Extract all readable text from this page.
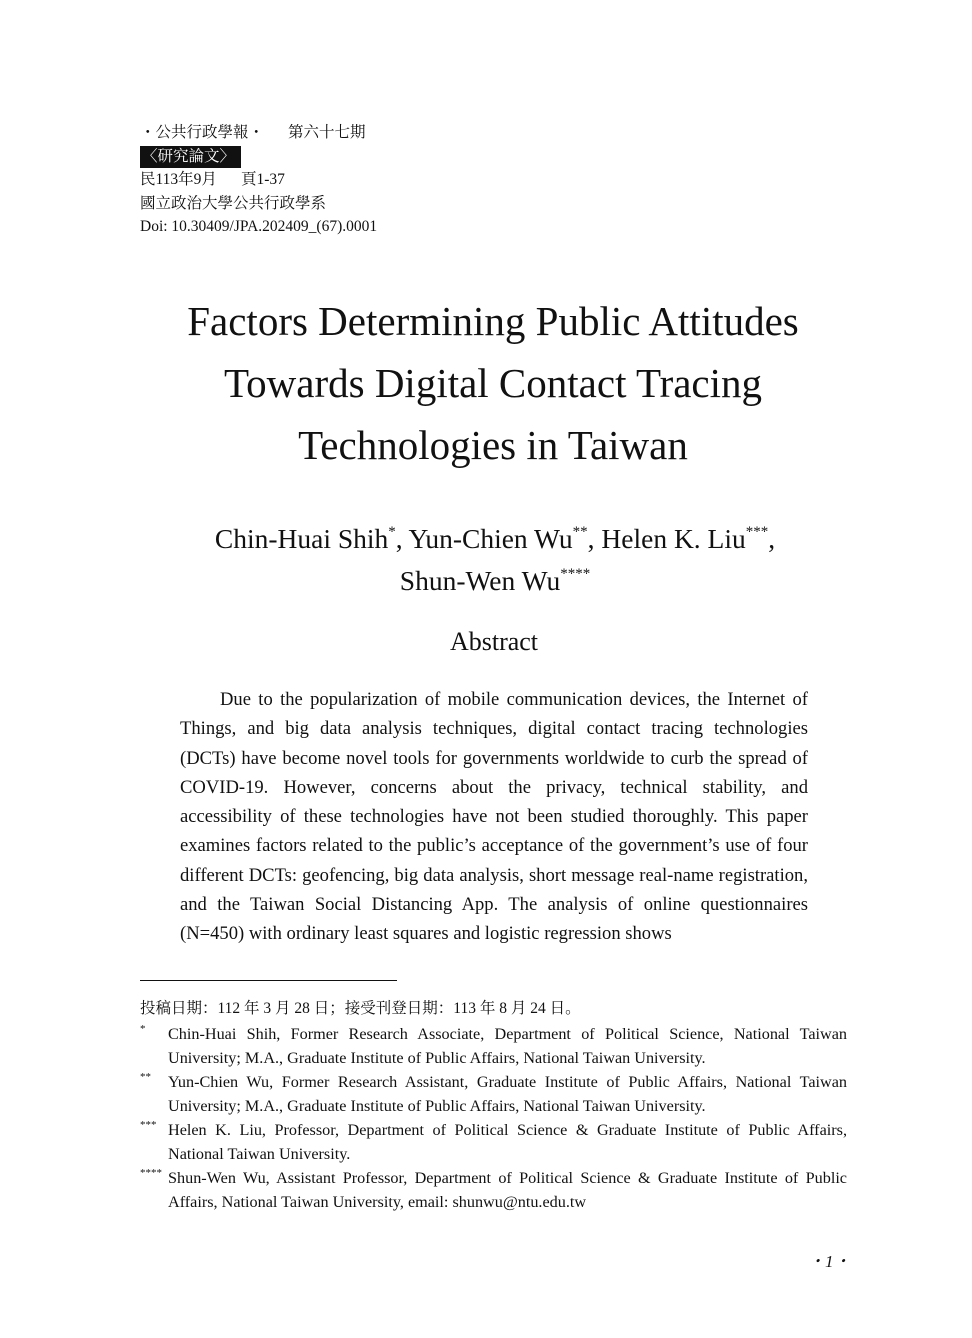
・公共行政學報・ 第六十七期
〈研究論文〉
民113年9月 頁1-37
國立政治大學公共行政學系
Doi: 10.30409/JPA.202409_(67).0001
Factors Determining Public Attitudes
Towards Digital Contact Tracing
Technologies in Taiwan
Chin-Huai Shih*, Yun-Chien Wu**, Helen K. Liu***,
Shun-Wen Wu****
Abstract

Due to the popularization of mobile communication devices, the Internet of Things, and big data analysis techniques, digital contact tracing technologies (DCTs) have become novel tools for governments worldwide to curb the spread of COVID-19. However, concerns about the privacy, technical stability, and accessibility of these technologies have not been studied thoroughly. This paper examines factors related to the public’s acceptance of the government’s use of four different DCTs: geofencing, big data analysis, short message real-name registration, and the Taiwan Social Distancing App. The analysis of online questionnaires (N=450) with ordinary least squares and logistic regression shows

投稿日期：112 年 3 月 28 日；接受刊登日期：113 年 8 月 24 日。
* Chin-Huai Shih, Former Research Associate, Department of Political Science, National Taiwan University; M.A., Graduate Institute of Public Affairs, National Taiwan University.
** Yun-Chien Wu, Former Research Assistant, Graduate Institute of Public Affairs, National Taiwan University; M.A., Graduate Institute of Public Affairs, National Taiwan University.
*** Helen K. Liu, Professor, Department of Political Science & Graduate Institute of Public Affairs, National Taiwan University.
**** Shun-Wen Wu, Assistant Professor, Department of Political Science & Graduate Institute of Public Affairs, National Taiwan University, email: shunwu@ntu.edu.tw
・1・
